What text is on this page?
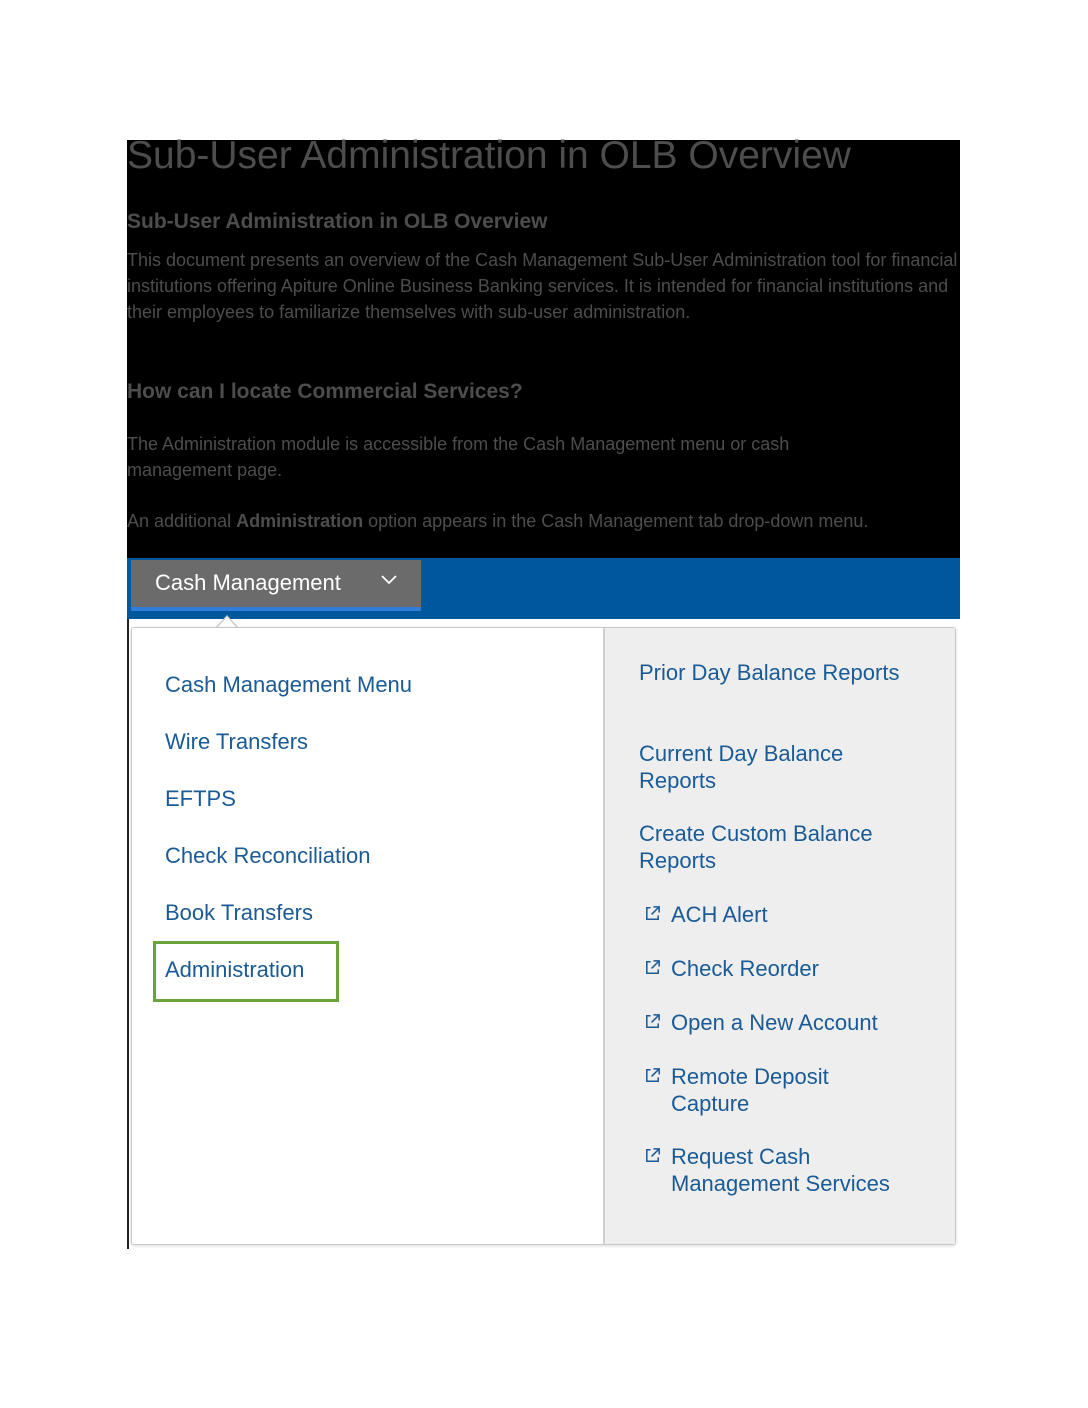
Sub-User Administration in OLB Overview
Sub-User Administration in OLB Overview

This document presents an overview of the Cash Management Sub-User Administration tool for financial institutions offering Apiture Online Business Banking services. It is intended for financial institutions and their employees to familiarize themselves with sub-user administration.

How can I locate Commercial Services?

The Administration module is accessible from the Cash Management menu or cash management page.

An additional Administration option appears in the Cash Management tab drop-down menu.

Cash Management
Cash Management Menu
Wire Transfers
EFTPS
Check Reconciliation
Book Transfers
Administration
Prior Day Balance Reports
Current Day Balance Reports
Create Custom Balance Reports
ACH Alert
Check Reorder
Open a New Account
Remote Deposit Capture
Request Cash Management Services
